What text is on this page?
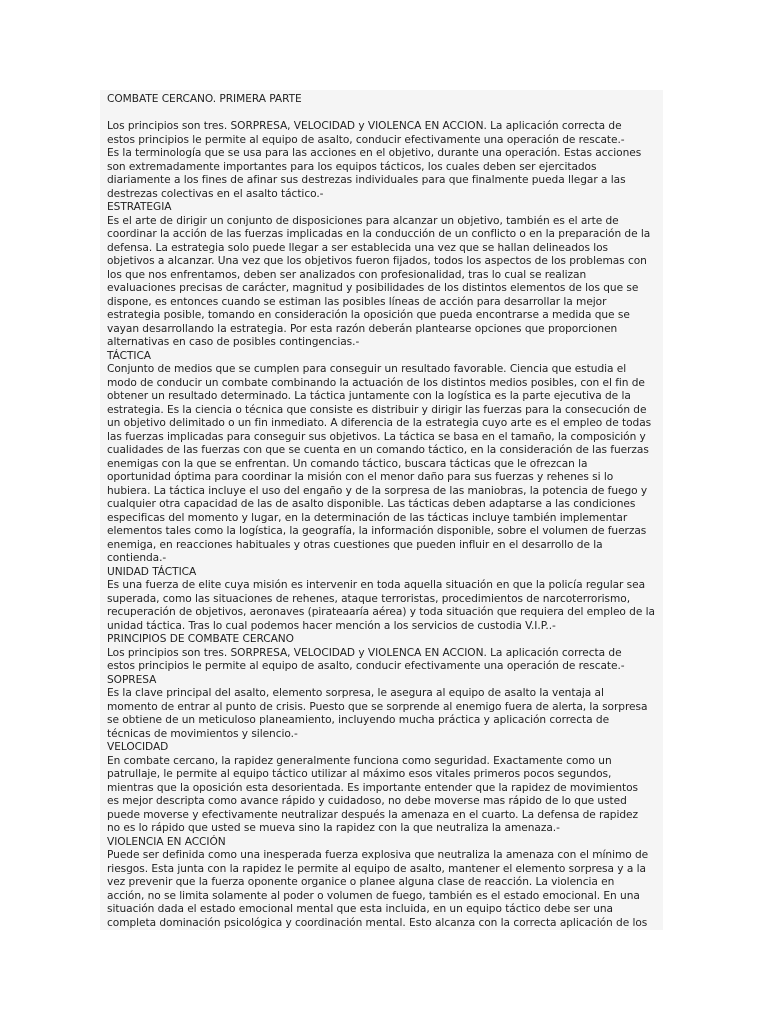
COMBATE CERCANO. PRIMERA PARTE
Los principios son tres. SORPRESA, VELOCIDAD y VIOLENCA EN ACCION. La aplicación correcta de
estos principios le permite al equipo de asalto, conducir efectivamente una operación de rescate.-
Es la terminología que se usa para las acciones en el objetivo, durante una operación. Estas acciones
son extremadamente importantes para los equipos tácticos, los cuales deben ser ejercitados
diariamente a los fines de afinar sus destrezas individuales para que finalmente pueda llegar a las
destrezas colectivas en el asalto táctico.-
ESTRATEGIA
Es el arte de dirigir un conjunto de disposiciones para alcanzar un objetivo, también es el arte de
coordinar la acción de las fuerzas implicadas en la conducción de un conflicto o en la preparación de la
defensa. La estrategia solo puede llegar a ser establecida una vez que se hallan delineados los
objetivos a alcanzar. Una vez que los objetivos fueron fijados, todos los aspectos de los problemas con
los que nos enfrentamos, deben ser analizados con profesionalidad, tras lo cual se realizan
evaluaciones precisas de carácter, magnitud y posibilidades de los distintos elementos de los que se
dispone, es entonces cuando se estiman las posibles líneas de acción para desarrollar la mejor
estrategia posible, tomando en consideración la oposición que pueda encontrarse a medida que se
vayan desarrollando la estrategia. Por esta razón deberán plantearse opciones que proporcionen
alternativas en caso de posibles contingencias.-
TÁCTICA
Conjunto de medios que se cumplen para conseguir un resultado favorable. Ciencia que estudia el
modo de conducir un combate combinando la actuación de los distintos medios posibles, con el fin de
obtener un resultado determinado. La táctica juntamente con la logística es la parte ejecutiva de la
estrategia. Es la ciencia o técnica que consiste es distribuir y dirigir las fuerzas para la consecución de
un objetivo delimitado o un fin inmediato. A diferencia de la estrategia cuyo arte es el empleo de todas
las fuerzas implicadas para conseguir sus objetivos. La táctica se basa en el tamaño, la composición y
cualidades de las fuerzas con que se cuenta en un comando táctico, en la consideración de las fuerzas
enemigas con la que se enfrentan. Un comando táctico, buscara tácticas que le ofrezcan la
oportunidad óptima para coordinar la misión con el menor daño para sus fuerzas y rehenes si lo
hubiera. La táctica incluye el uso del engaño y de la sorpresa de las maniobras, la potencia de fuego y
cualquier otra capacidad de las de asalto disponible. Las tácticas deben adaptarse a las condiciones
especificas del momento y lugar, en la determinación de las tácticas incluye también implementar
elementos tales como la logística, la geografía, la información disponible, sobre el volumen de fuerzas
enemiga, en reacciones habituales y otras cuestiones que pueden influir en el desarrollo de la
contienda.-
UNIDAD TÁCTICA
Es una fuerza de elite cuya misión es intervenir en toda aquella situación en que la policía regular sea
superada, como las situaciones de rehenes, ataque terroristas, procedimientos de narcoterrorismo,
recuperación de objetivos, aeronaves (pirateaaría aérea) y toda situación que requiera del empleo de la
unidad táctica. Tras lo cual podemos hacer mención a los servicios de custodia V.I.P..-
PRINCIPIOS DE COMBATE CERCANO
Los principios son tres. SORPRESA, VELOCIDAD y VIOLENCA EN ACCION. La aplicación correcta de
estos principios le permite al equipo de asalto, conducir efectivamente una operación de rescate.-
SOPRESA
Es la clave principal del asalto, elemento sorpresa, le asegura al equipo de asalto la ventaja al
momento de entrar al punto de crisis. Puesto que se sorprende al enemigo fuera de alerta, la sorpresa
se obtiene de un meticuloso planeamiento, incluyendo mucha práctica y aplicación correcta de
técnicas de movimientos y silencio.-
VELOCIDAD
En combate cercano, la rapidez generalmente funciona como seguridad. Exactamente como un
patrullaje, le permite al equipo táctico utilizar al máximo esos vitales primeros pocos segundos,
mientras que la oposición esta desorientada. Es importante entender que la rapidez de movimientos
es mejor descripta como avance rápido y cuidadoso, no debe moverse mas rápido de lo que usted
puede moverse y efectivamente neutralizar después la amenaza en el cuarto. La defensa de rapidez
no es lo rápido que usted se mueva sino la rapidez con la que neutraliza la amenaza.-
VIOLENCIA EN ACCIÓN
Puede ser definida como una inesperada fuerza explosiva que neutraliza la amenaza con el mínimo de
riesgos. Esta junta con la rapidez le permite al equipo de asalto, mantener el elemento sorpresa y a la
vez prevenir que la fuerza oponente organice o planee alguna clase de reacción. La violencia en
acción, no se limita solamente al poder o volumen de fuego, también es el estado emocional. En una
situación dada el estado emocional mental que esta incluida, en un equipo táctico debe ser una
completa dominación psicológica y coordinación mental. Esto alcanza con la correcta aplicación de los
